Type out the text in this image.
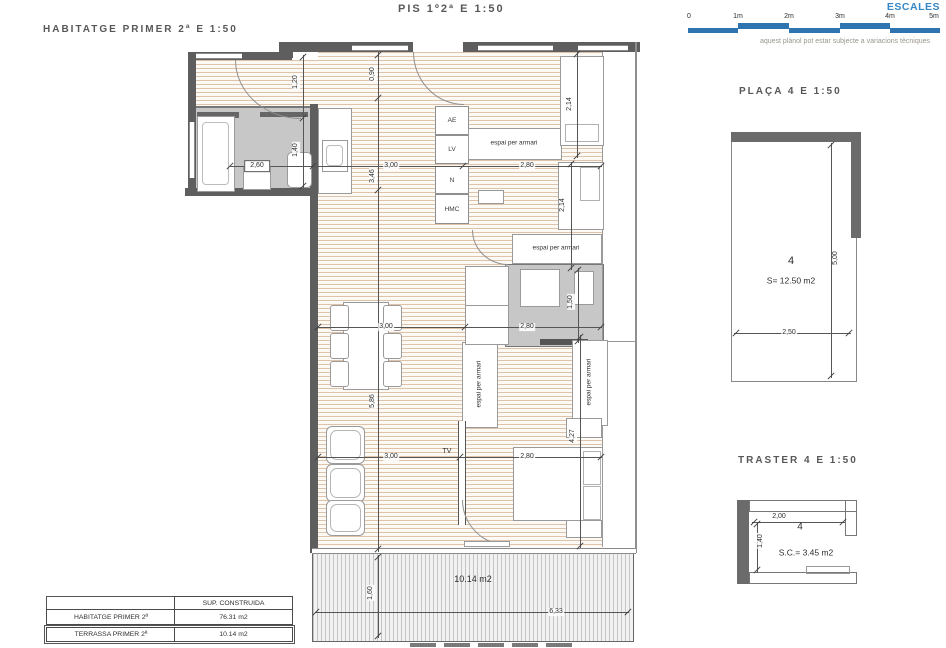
PIS 1º2ª E 1:50
HABITATGE PRIMER 2ª E 1:50
PLAÇA 4 E 1:50
TRASTER 4 E 1:50
ESCALES
0	1m	2m	3m	4m	5m
aquest plànol pot estar subjecte a variacions tècniques
AE
LV
N
HMC
1,20
1,40
2,60
0,90
3,46
5,86
3,00	2,80
2,14
2,14
1,50
3,00	2,80
3,00
TV
2,80
4,27
1,60
6,33
10.14 m2
espai per armari
espai per armari
espai per armari	espai per armari
4
S= 12.50 m2
5,00
2,50
2,00
4
1,40
S.C.= 3.45 m2
SUP. CONSTRUIDA
HABITATGE PRIMER 2ª	76.31 m2
TERRASSA PRIMER 2ª	10.14 m2
